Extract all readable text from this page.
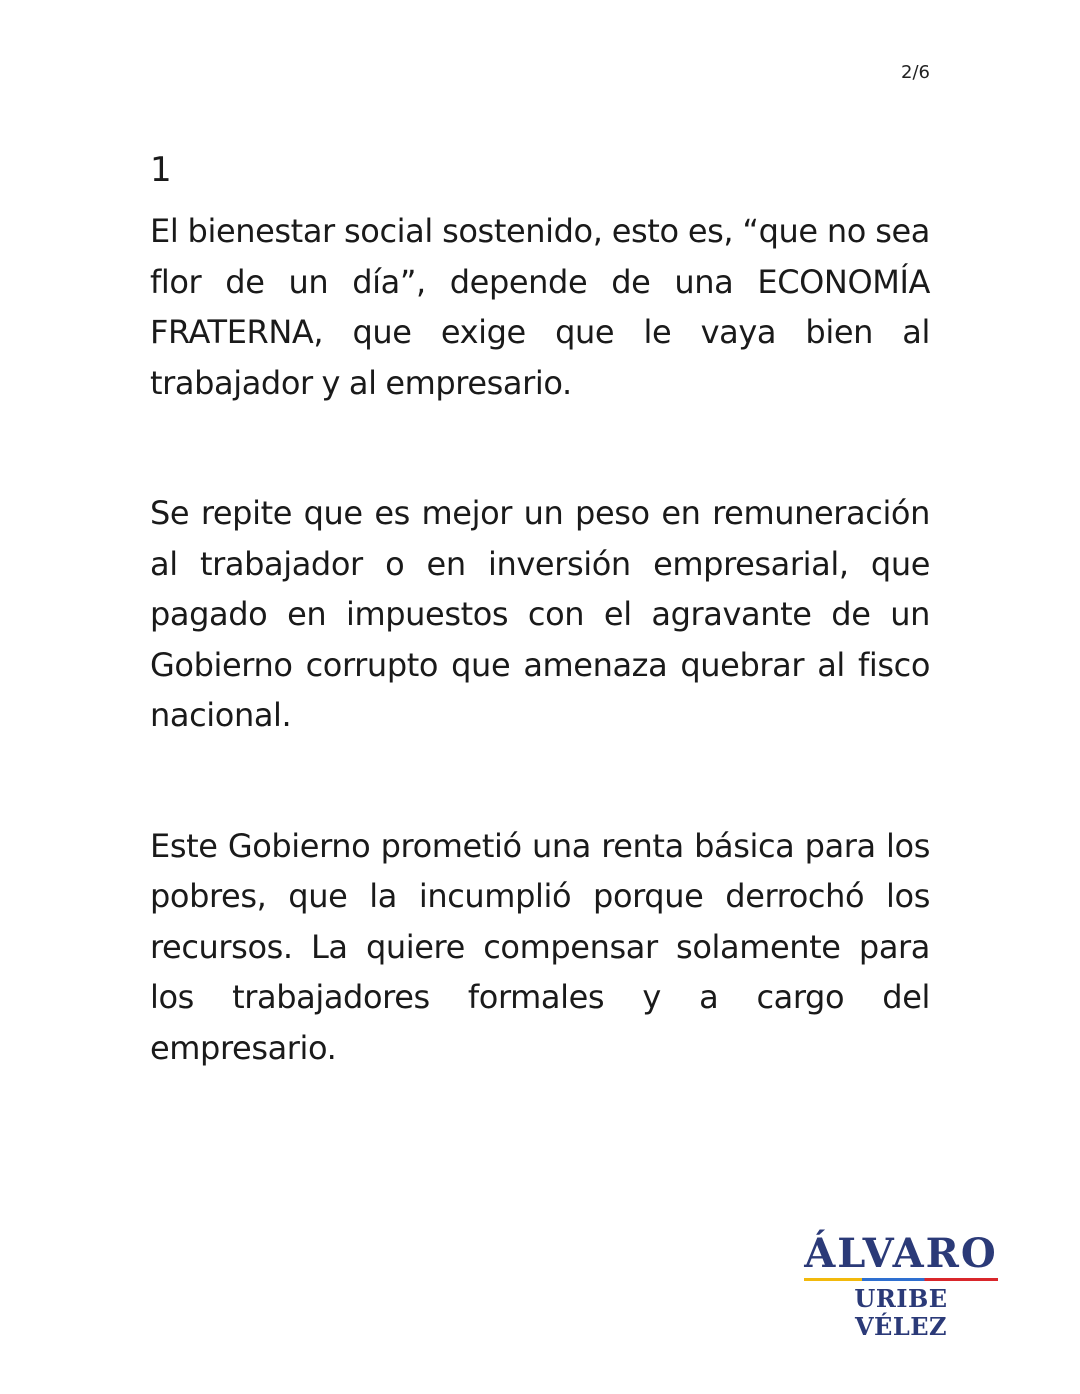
2/6
1

El bienestar social sostenido, esto es, “que no sea flor de un día”, depende de una ECONOMÍA FRATERNA, que exige que le vaya bien al trabajador y al empresario.

Se repite que es mejor un peso en remuneración al trabajador o en inversión empresarial, que pagado en impuestos con el agravante de un Gobierno corrupto que amenaza quebrar al fisco nacional.

Este Gobierno prometió una renta básica para los pobres, que la incumplió porque derrochó los recursos. La quiere compensar solamente para los trabajadores formales y a cargo del empresario.

ÁLVARO
URIBE VÉLEZ
